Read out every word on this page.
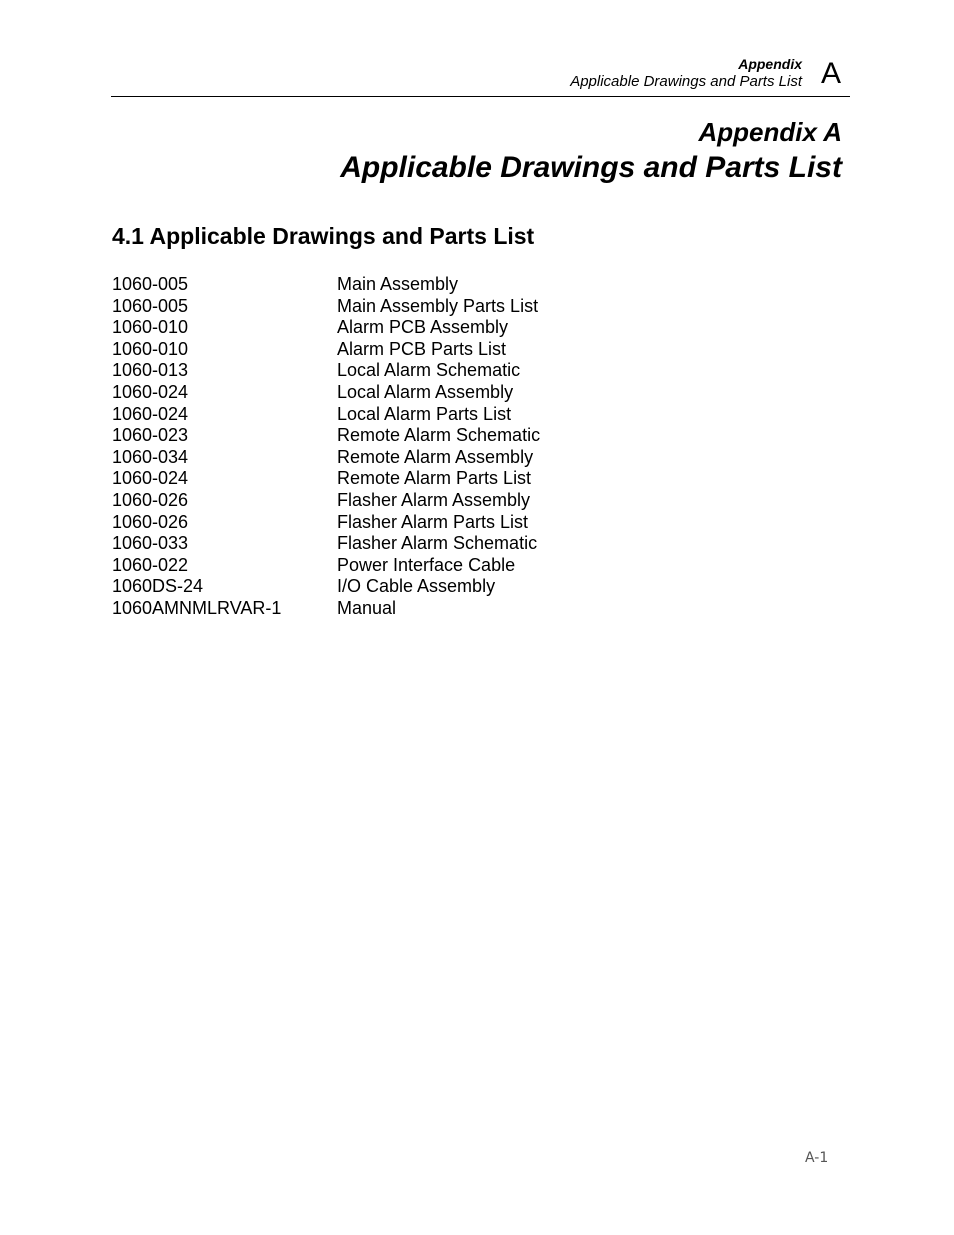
Appendix
Applicable Drawings and Parts List A
Appendix A
Applicable Drawings and Parts List
4.1 Applicable Drawings and Parts List
1060-005	Main Assembly
1060-005	Main Assembly Parts List
1060-010	Alarm PCB Assembly
1060-010	Alarm PCB Parts List
1060-013	Local Alarm Schematic
1060-024	Local Alarm Assembly
1060-024	Local Alarm Parts List
1060-023	Remote Alarm Schematic
1060-034	Remote Alarm Assembly
1060-024	Remote Alarm Parts List
1060-026	Flasher Alarm Assembly
1060-026	Flasher Alarm Parts List
1060-033	Flasher Alarm Schematic
1060-022	Power Interface Cable
1060DS-24	I/O Cable Assembly
1060AMNMLRVAR-1	Manual
A-1
